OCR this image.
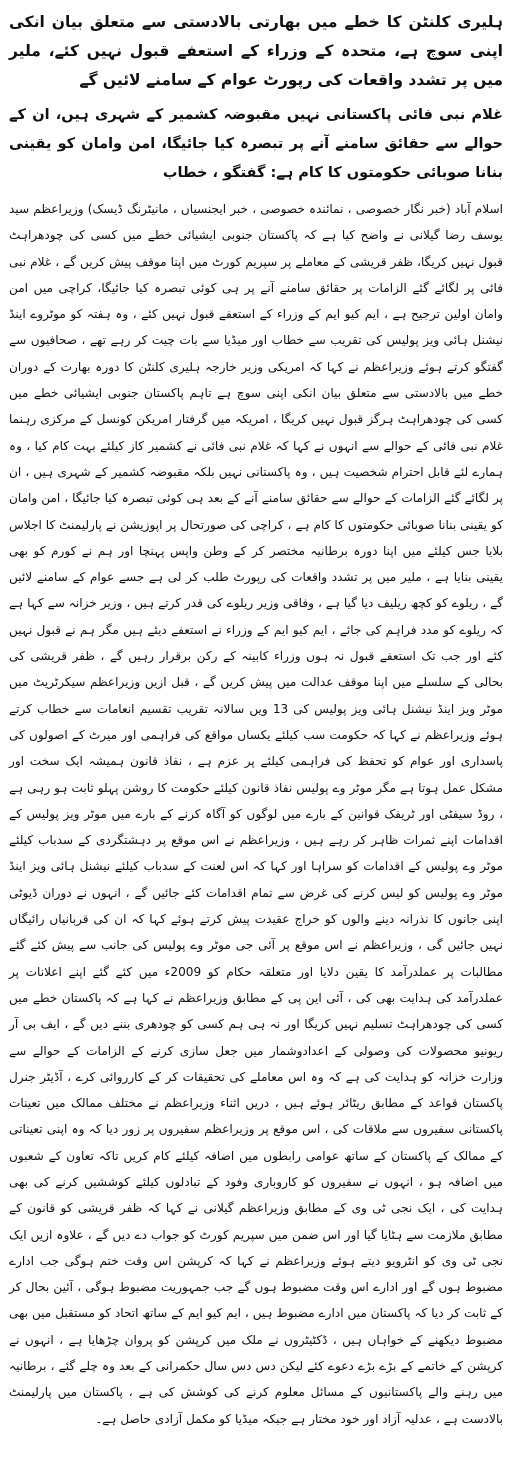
ہلیری کلنٹن کا خطے میں بھارتی بالادستی سے متعلق بیان انکی اپنی سوچ ہے، متحدہ کے وزراء کے استعفے قبول نہیں کئے، ملیر میں پر تشدد واقعات کی رپورٹ عوام کے سامنے لائیں گے
غلام نبی فائی پاکستانی نہیں مقبوضہ کشمیر کے شہری ہیں، ان کے حوالے سے حقائق سامنے آنے پر تبصرہ کیا جائیگا، امن وامان کو یقینی بنانا صوبائی حکومتوں کا کام ہے: گفتگو ، خطاب

اسلام آباد (خبر نگار خصوصی ، نمائندہ خصوصی ، خبر ایجنسیاں ، مانیٹرنگ ڈیسک) وزیراعظم سید یوسف رضا گیلانی نے واضح کیا ہے کہ پاکستان جنوبی ایشیائی خطے میں کسی کی چودھراہٹ قبول نہیں کریگا، ظفر قریشی کے معاملے پر سپریم کورٹ میں اپنا موقف پیش کریں گے ، غلام نبی فائی پر لگائے گئے الزامات پر حقائق سامنے آنے پر ہی کوئی تبصرہ کیا جائیگا، کراچی میں امن وامان اولین ترجیح ہے ، ایم کیو ایم کے وزراء کے استعفے قبول نہیں کئے ، وہ ہفتہ کو موٹروے اینڈ نیشنل ہائی ویز پولیس کی تقریب سے خطاب اور میڈیا سے بات چیت کر رہے تھے ، صحافیوں سے گفتگو کرتے ہوئے وزیراعظم نے کہا کہ امریکی وزیر خارجہ ہلیری کلنٹن کا دورہ بھارت کے دوران خطے میں بالادستی سے متعلق بیان انکی اپنی سوچ ہے تاہم پاکستان جنوبی ایشیائی خطے میں کسی کی چودھراہٹ ہرگز قبول نہیں کریگا ، امریکہ میں گرفتار امریکن کونسل کے مرکزی رہنما غلام نبی فائی کے حوالے سے انہوں نے کہا کہ غلام نبی فائی نے کشمیر کاز کیلئے بہت کام کیا ، وہ ہمارے لئے قابل احترام شخصیت ہیں ، وہ پاکستانی نہیں بلکہ مقبوضہ کشمیر کے شہری ہیں ، ان پر لگائے گئے الزامات کے حوالے سے حقائق سامنے آنے کے بعد ہی کوئی تبصرہ کیا جائیگا ، امن وامان کو یقینی بنانا صوبائی حکومتوں کا کام ہے ، کراچی کی صورتحال پر اپوزیشن نے پارلیمنٹ کا اجلاس بلایا جس کیلئے میں اپنا دورہ برطانیہ مختصر کر کے وطن واپس پہنچا اور ہم نے کورم کو بھی یقینی بنایا ہے ، ملیر میں پر تشدد واقعات کی رپورٹ طلب کر لی ہے جسے عوام کے سامنے لائیں گے ، ریلوے کو کچھ ریلیف دیا گیا ہے ، وفاقی وزیر ریلوے کی قدر کرتے ہیں ، وزیر خزانہ سے کہا ہے کہ ریلوے کو مدد فراہم کی جائے ، ایم کیو ایم کے وزراء نے استعفے دیئے ہیں مگر ہم نے قبول نہیں کئے اور جب تک استعفے قبول نہ ہوں وزراء کابینہ کے رکن برقرار رہیں گے ، ظفر قریشی کی بحالی کے سلسلے میں اپنا موقف عدالت میں پیش کریں گے ، قبل ازیں وزیراعظم سیکرٹریٹ میں موٹر ویز اینڈ نیشنل ہائی ویز پولیس کی 13 ویں سالانہ تقریب تقسیم انعامات سے خطاب کرتے ہوئے وزیراعظم نے کہا کہ حکومت سب کیلئے یکساں مواقع کی فراہمی اور میرٹ کے اصولوں کی پاسداری اور عوام کو تحفظ کی فراہمی کیلئے پر عزم ہے ، نفاذ قانون ہمیشہ ایک سخت اور مشکل عمل ہوتا ہے مگر موٹر وے پولیس نفاذ قانون کیلئے حکومت کا روشن پہلو ثابت ہو رہی ہے ، روڈ سیفٹی اور ٹریفک قوانین کے بارے میں لوگوں کو آگاہ کرنے کے بارے میں موٹر ویز پولیس کے اقدامات اپنے ثمرات ظاہر کر رہے ہیں ، وزیراعظم نے اس موقع پر دہشتگردی کے سدباب کیلئے موٹر وے پولیس کے اقدامات کو سراہا اور کہا کہ اس لعنت کے سدباب کیلئے نیشنل ہائی ویز اینڈ موٹر وے پولیس کو لیس کرنے کی غرض سے تمام اقدامات کئے جائیں گے ، انہوں نے دوران ڈیوٹی اپنی جانوں کا نذرانہ دینے والوں کو خراج عقیدت پیش کرتے ہوئے کہا کہ ان کی قربانیاں رائیگاں نہیں جائیں گی ، وزیراعظم نے اس موقع پر آئی جی موٹر وے پولیس کی جانب سے پیش کئے گئے مطالبات پر عملدرآمد کا یقین دلایا اور متعلقہ حکام کو 2009ء میں کئے گئے اپنے اعلانات پر عملدرآمد کی ہدایت بھی کی ، آئی این پی کے مطابق وزیراعظم نے کہا ہے کہ پاکستان خطے میں کسی کی چودھراہٹ تسلیم نہیں کریگا اور نہ ہی ہم کسی کو چودھری بننے دیں گے ، ایف بی آر ریونیو محصولات کی وصولی کے اعدادوشمار میں جعل سازی کرنے کے الزامات کے حوالے سے وزارت خزانہ کو ہدایت کی ہے کہ وہ اس معاملے کی تحقیقات کر کے کارروائی کرے ، آڈیٹر جنرل پاکستان قواعد کے مطابق ریٹائر ہوئے ہیں ، دریں اثناء وزیراعظم نے مختلف ممالک میں تعینات پاکستانی سفیروں سے ملاقات کی ، اس موقع پر وزیراعظم سفیروں پر زور دیا کہ وہ اپنی تعیناتی کے ممالک کے پاکستان کے ساتھ عوامی رابطوں میں اضافہ کیلئے کام کریں تاکہ تعاون کے شعبوں میں اضافہ ہو ، انہوں نے سفیروں کو کاروباری وفود کے تبادلوں کیلئے کوششیں کرنے کی بھی ہدایت کی ، ایک نجی ٹی وی کے مطابق وزیراعظم گیلانی نے کہا کہ ظفر قریشی کو قانون کے مطابق ملازمت سے ہٹایا گیا اور اس ضمن میں سپریم کورٹ کو جواب دے دیں گے ، علاوہ ازیں ایک نجی ٹی وی کو انٹرویو دیتے ہوئے وزیراعظم نے کہا کہ کرپشن اس وقت ختم ہوگی جب ادارے مضبوط ہوں گے اور ادارے اس وقت مضبوط ہوں گے جب جمہوریت مضبوط ہوگی ، آئین بحال کر کے ثابت کر دیا کہ پاکستان میں ادارے مضبوط ہیں ، ایم کیو ایم کے ساتھ اتحاد کو مستقبل میں بھی مضبوط دیکھنے کے خواہاں ہیں ، ڈکٹیٹروں نے ملک میں کرپشن کو پروان چڑھایا ہے ، انہوں نے کرپشن کے خاتمے کے بڑے بڑے دعوے کئے لیکن دس دس سال حکمرانی کے بعد وہ چلے گئے ، برطانیہ میں رہنے والے پاکستانیوں کے مسائل معلوم کرنے کی کوشش کی ہے ، پاکستان میں پارلیمنٹ بالادست ہے ، عدلیہ آزاد اور خود مختار ہے جبکہ میڈیا کو مکمل آزادی حاصل ہے۔
